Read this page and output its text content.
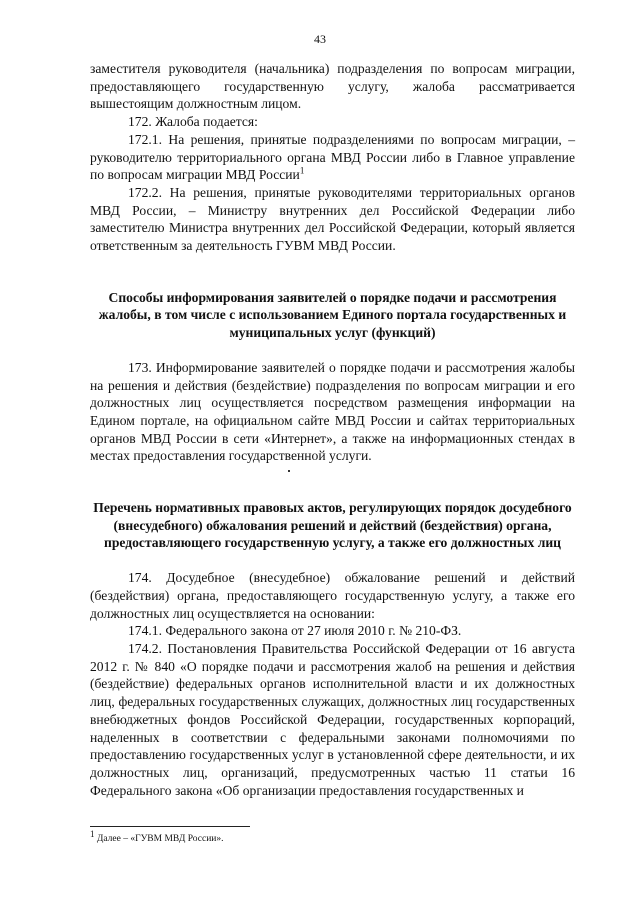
43

заместителя руководителя (начальника) подразделения по вопросам миграции, предоставляющего государственную услугу, жалоба рассматривается вышестоящим должностным лицом.

172. Жалоба подается:

172.1. На решения, принятые подразделениями по вопросам миграции, – руководителю территориального органа МВД России либо в Главное управление по вопросам миграции МВД России$^1$

172.2. На решения, принятые руководителями территориальных органов МВД России, – Министру внутренних дел Российской Федерации либо заместителю Министра внутренних дел Российской Федерации, который является ответственным за деятельность ГУВМ МВД России.

Способы информирования заявителей о порядке подачи и рассмотрения жалобы, в том числе с использованием Единого портала государственных и муниципальных услуг (функций)

173. Информирование заявителей о порядке подачи и рассмотрения жалобы на решения и действия (бездействие) подразделения по вопросам миграции и его должностных лиц осуществляется посредством размещения информации на Едином портале, на официальном сайте МВД России и сайтах территориальных органов МВД России в сети «Интернет», а также на информационных стендах в местах предоставления государственной услуги.

Перечень нормативных правовых актов, регулирующих порядок досудебного (внесудебного) обжалования решений и действий (бездействия) органа, предоставляющего государственную услугу, а также его должностных лиц

174. Досудебное (внесудебное) обжалование решений и действий (бездействия) органа, предоставляющего государственную услугу, а также его должностных лиц осуществляется на основании:

174.1. Федерального закона от 27 июля 2010 г. № 210-ФЗ.

174.2. Постановления Правительства Российской Федерации от 16 августа 2012 г. № 840 «О порядке подачи и рассмотрения жалоб на решения и действия (бездействие) федеральных органов исполнительной власти и их должностных лиц, федеральных государственных служащих, должностных лиц государственных внебюджетных фондов Российской Федерации, государственных корпораций, наделенных в соответствии с федеральными законами полномочиями по предоставлению государственных услуг в установленной сфере деятельности, и их должностных лиц, организаций, предусмотренных частью 11 статьи 16 Федерального закона «Об организации предоставления государственных и

$^1$ Далее – «ГУВМ МВД России».
